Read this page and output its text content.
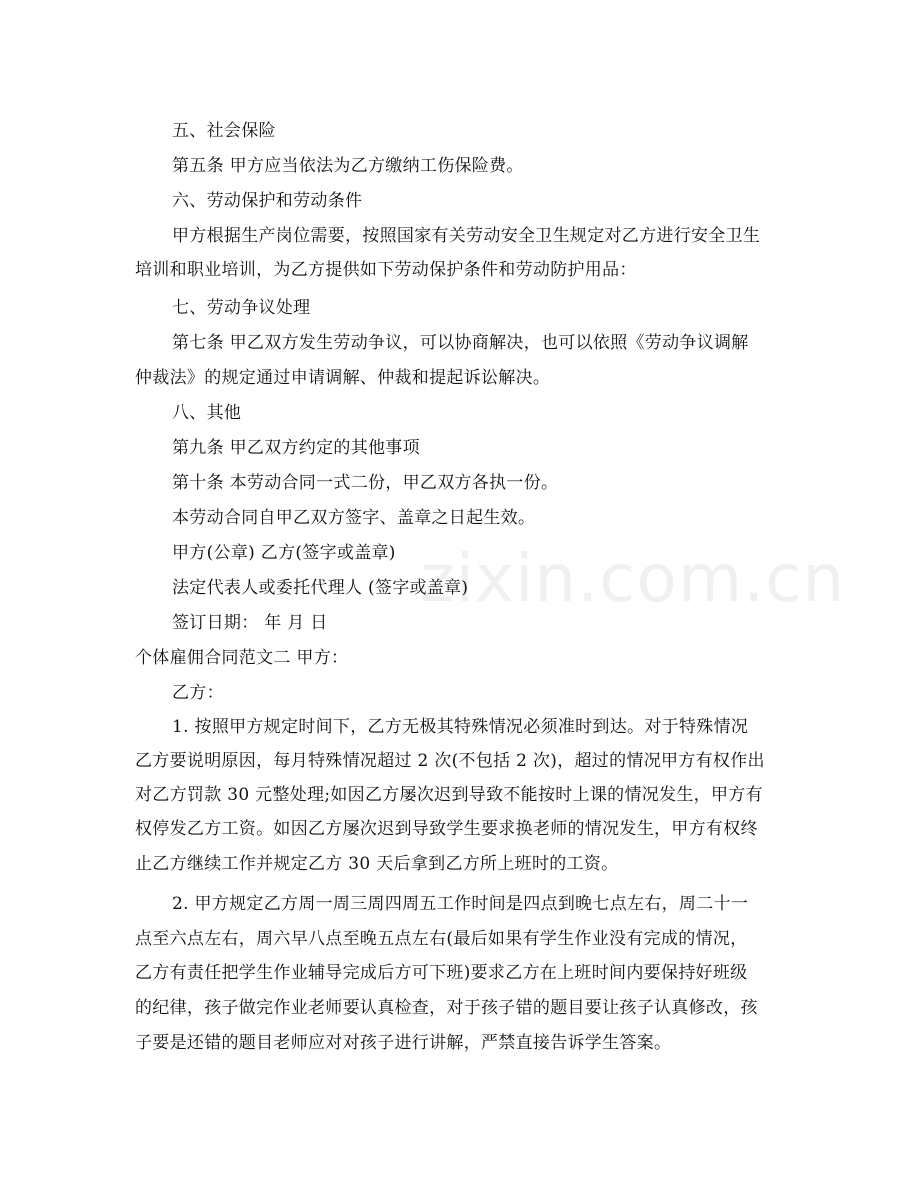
zixin.com.cn
五、社会保险
第五条 甲方应当依法为乙方缴纳工伤保险费。
六、劳动保护和劳动条件
甲方根据生产岗位需要，按照国家有关劳动安全卫生规定对乙方进行安全卫生
培训和职业培训，为乙方提供如下劳动保护条件和劳动防护用品：
七、劳动争议处理
第七条 甲乙双方发生劳动争议，可以协商解决，也可以依照《劳动争议调解
仲裁法》的规定通过申请调解、仲裁和提起诉讼解决。
八、其他
第九条 甲乙双方约定的其他事项
第十条 本劳动合同一式二份，甲乙双方各执一份。
本劳动合同自甲乙双方签字、盖章之日起生效。
甲方(公章) 乙方(签字或盖章)
法定代表人或委托代理人 (签字或盖章)
签订日期： 年 月 日
个体雇佣合同范文二 甲方：
乙方：
1. 按照甲方规定时间下，乙方无极其特殊情况必须准时到达。对于特殊情况
乙方要说明原因，每月特殊情况超过 2 次(不包括 2 次)，超过的情况甲方有权作出
对乙方罚款 30 元整处理;如因乙方屡次迟到导致不能按时上课的情况发生，甲方有
权停发乙方工资。如因乙方屡次迟到导致学生要求换老师的情况发生，甲方有权终
止乙方继续工作并规定乙方 30 天后拿到乙方所上班时的工资。
2. 甲方规定乙方周一周三周四周五工作时间是四点到晚七点左右，周二十一
点至六点左右，周六早八点至晚五点左右(最后如果有学生作业没有完成的情况，
乙方有责任把学生作业辅导完成后方可下班)要求乙方在上班时间内要保持好班级
的纪律，孩子做完作业老师要认真检查，对于孩子错的题目要让孩子认真修改，孩
子要是还错的题目老师应对对孩子进行讲解，严禁直接告诉学生答案。
